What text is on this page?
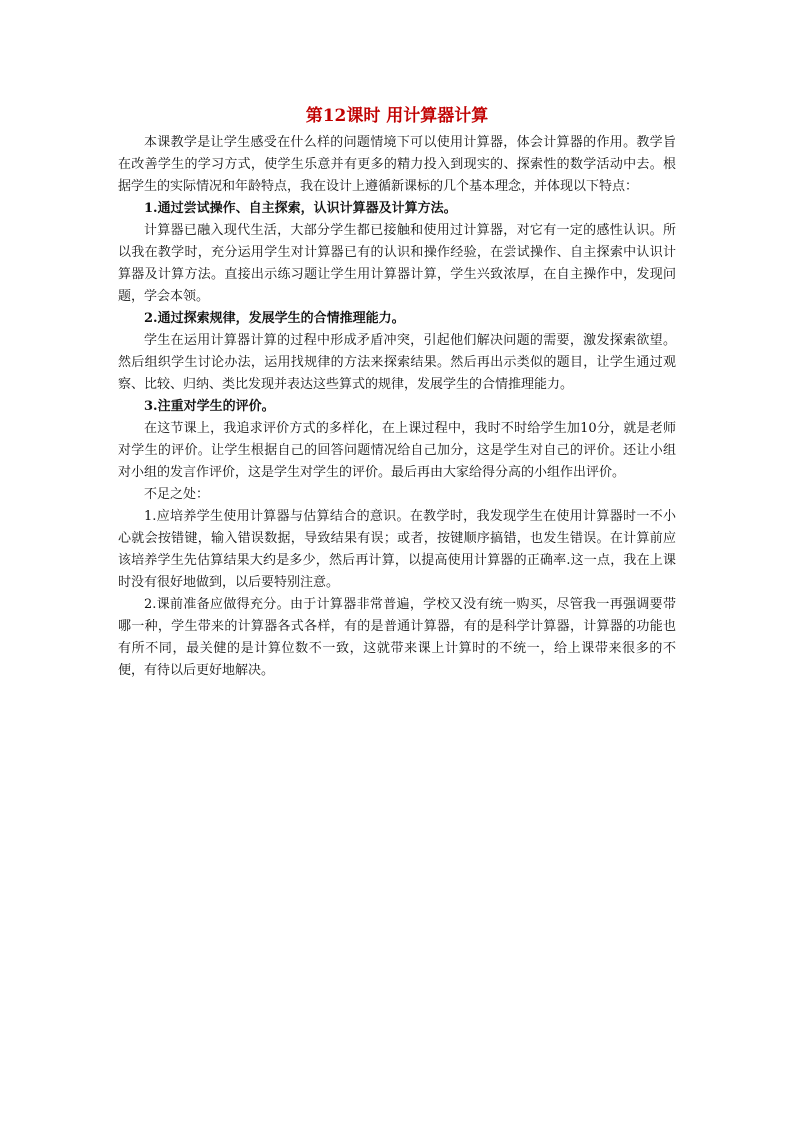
第12课时 用计算器计算

本课教学是让学生感受在什么样的问题情境下可以使用计算器，体会计算器的作用。教学旨在改善学生的学习方式，使学生乐意并有更多的精力投入到现实的、探索性的数学活动中去。根据学生的实际情况和年龄特点，我在设计上遵循新课标的几个基本理念，并体现以下特点：

1.通过尝试操作、自主探索，认识计算器及计算方法。

计算器已融入现代生活，大部分学生都已接触和使用过计算器，对它有一定的感性认识。所以我在教学时，充分运用学生对计算器已有的认识和操作经验，在尝试操作、自主探索中认识计算器及计算方法。直接出示练习题让学生用计算器计算，学生兴致浓厚，在自主操作中，发现问题，学会本领。

2.通过探索规律，发展学生的合情推理能力。

学生在运用计算器计算的过程中形成矛盾冲突，引起他们解决问题的需要，激发探索欲望。然后组织学生讨论办法，运用找规律的方法来探索结果。然后再出示类似的题目，让学生通过观察、比较、归纳、类比发现并表达这些算式的规律，发展学生的合情推理能力。

3.注重对学生的评价。

在这节课上，我追求评价方式的多样化，在上课过程中，我时不时给学生加10分，就是老师对学生的评价。让学生根据自己的回答问题情况给自己加分，这是学生对自己的评价。还让小组对小组的发言作评价，这是学生对学生的评价。最后再由大家给得分高的小组作出评价。

不足之处：

1.应培养学生使用计算器与估算结合的意识。在教学时，我发现学生在使用计算器时一不小心就会按错键，输入错误数据，导致结果有误；或者，按键顺序搞错，也发生错误。在计算前应该培养学生先估算结果大约是多少，然后再计算，以提高使用计算器的正确率.这一点，我在上课时没有很好地做到，以后要特别注意。

2.课前准备应做得充分。由于计算器非常普遍，学校又没有统一购买，尽管我一再强调要带哪一种，学生带来的计算器各式各样，有的是普通计算器，有的是科学计算器，计算器的功能也有所不同，最关健的是计算位数不一致，这就带来课上计算时的不统一，给上课带来很多的不便，有待以后更好地解决。
